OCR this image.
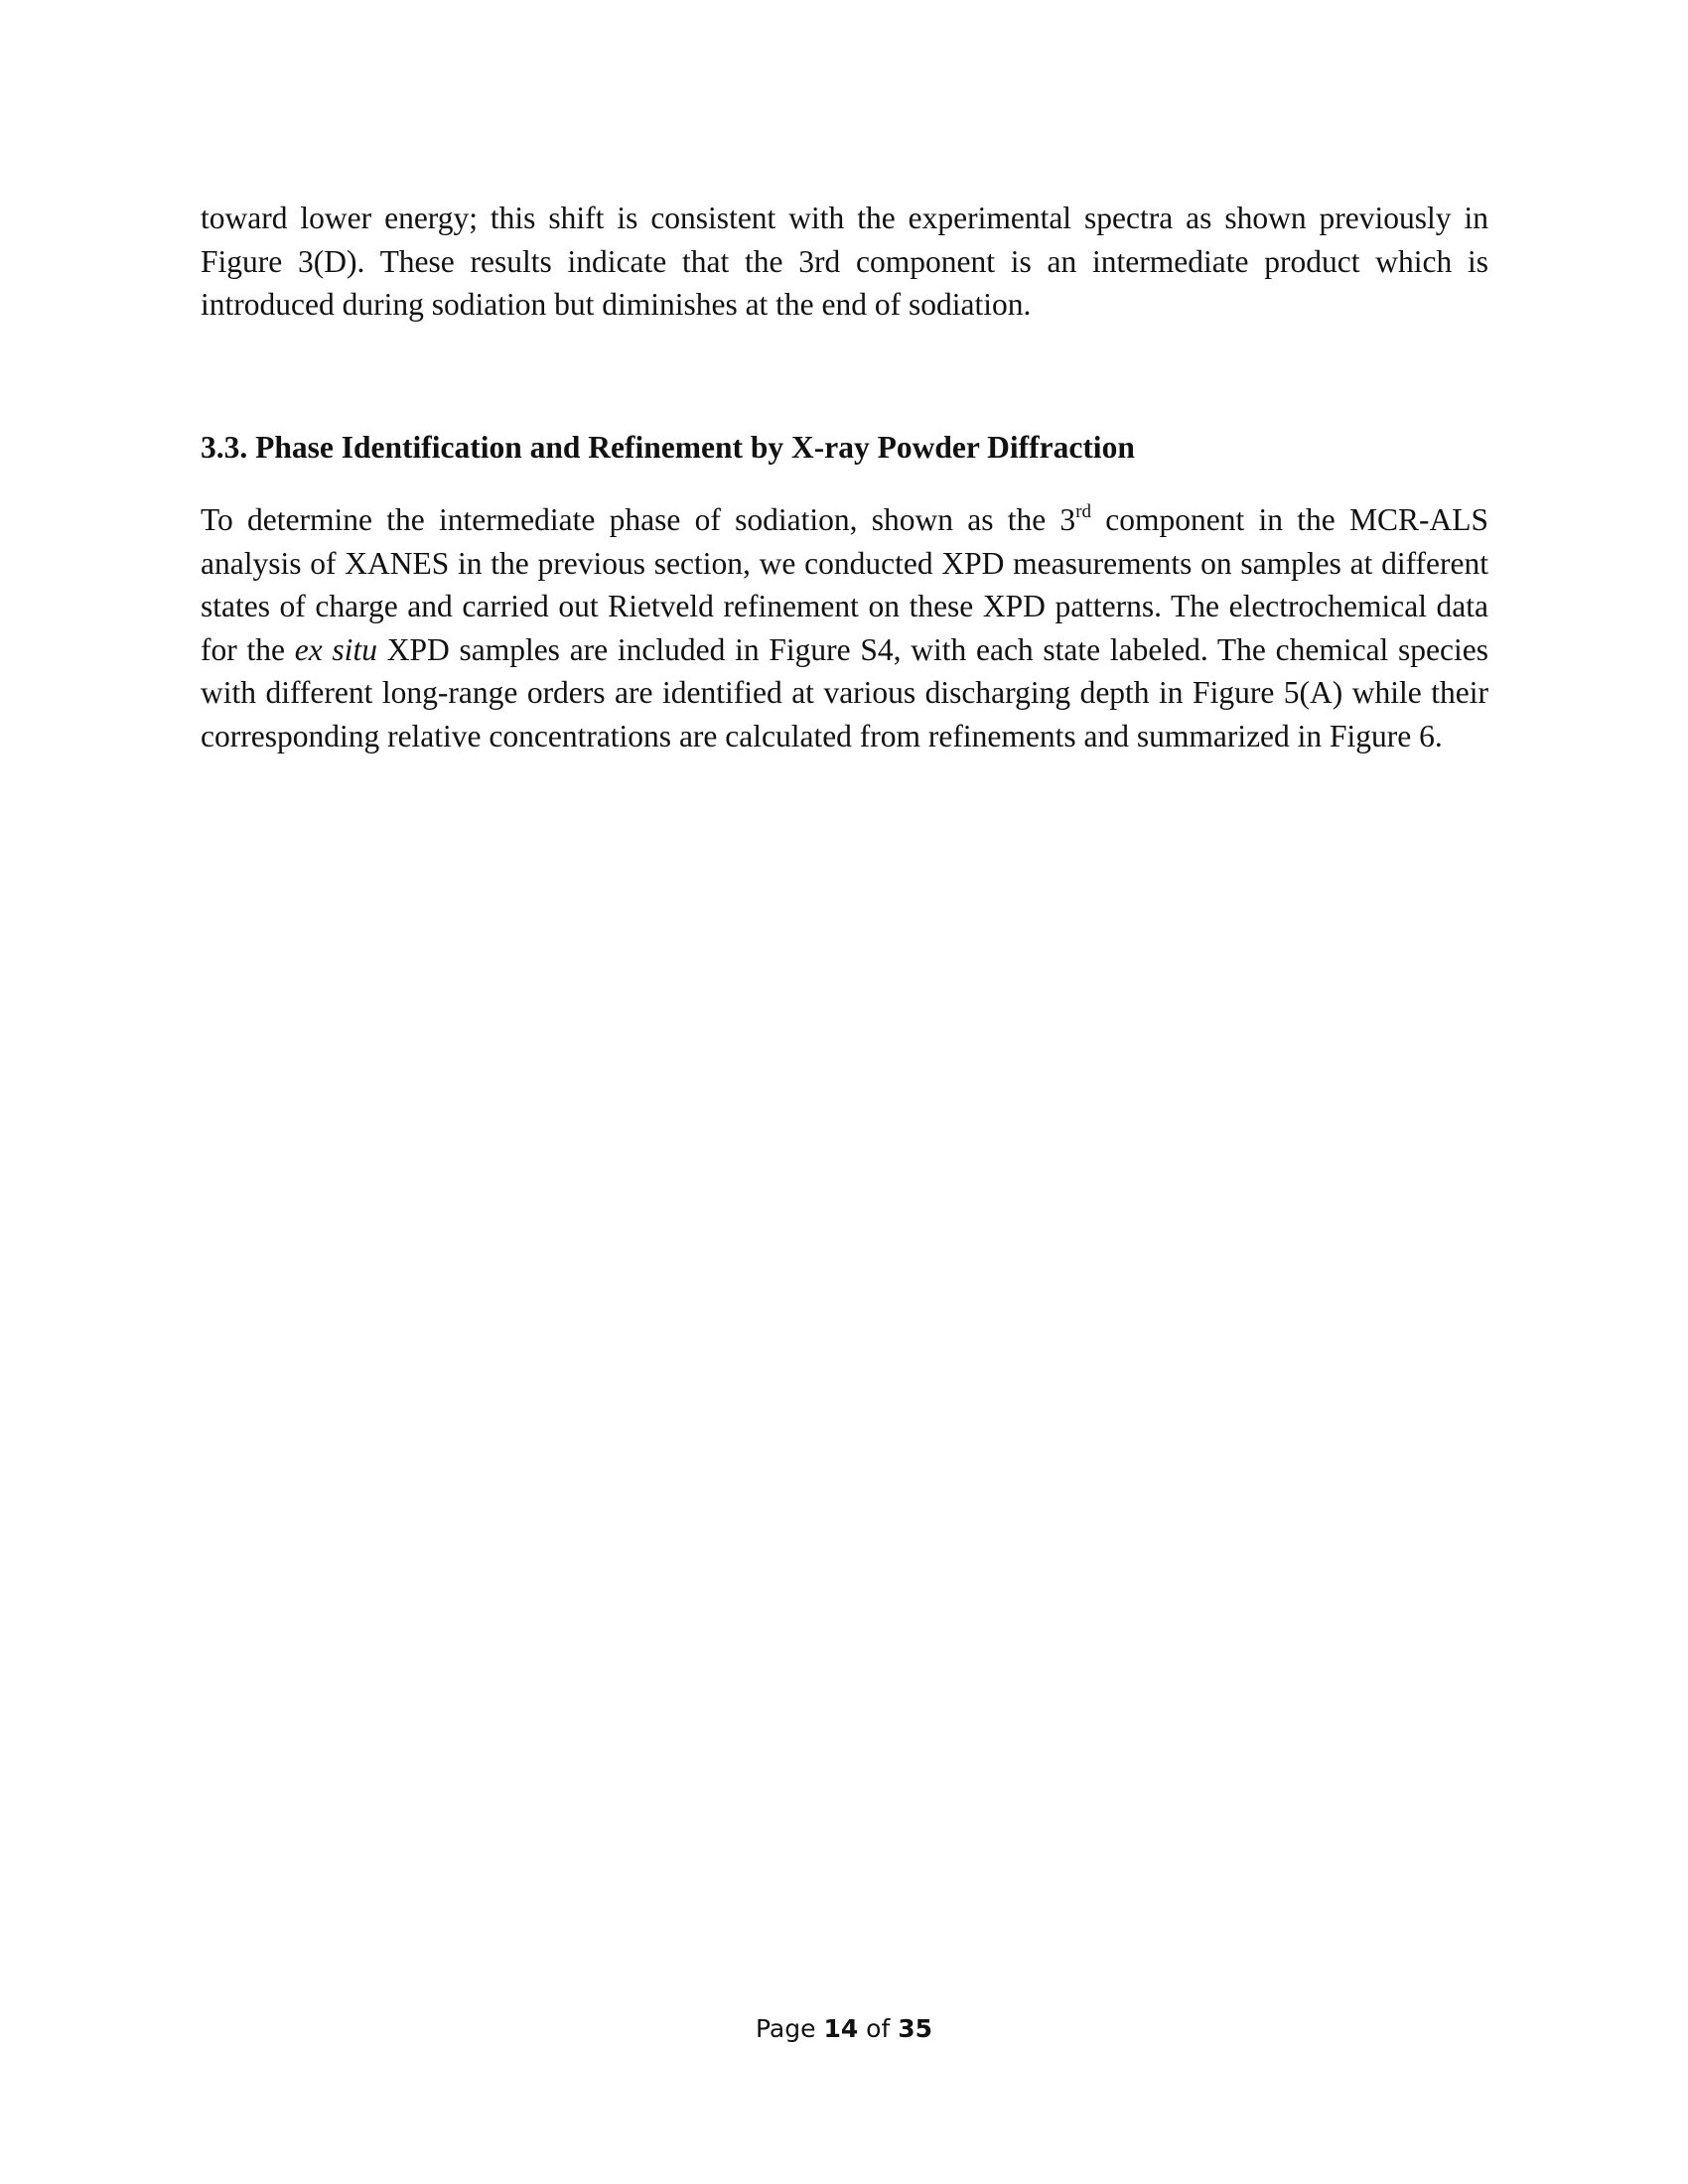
toward lower energy; this shift is consistent with the experimental spectra as shown previously in Figure 3(D). These results indicate that the 3rd component is an intermediate product which is introduced during sodiation but diminishes at the end of sodiation.

3.3. Phase Identification and Refinement by X-ray Powder Diffraction

To determine the intermediate phase of sodiation, shown as the 3rd component in the MCR-ALS analysis of XANES in the previous section, we conducted XPD measurements on samples at different states of charge and carried out Rietveld refinement on these XPD patterns. The electrochemical data for the ex situ XPD samples are included in Figure S4, with each state labeled. The chemical species with different long-range orders are identified at various discharging depth in Figure 5(A) while their corresponding relative concentrations are calculated from refinements and summarized in Figure 6.

Page 14 of 35
